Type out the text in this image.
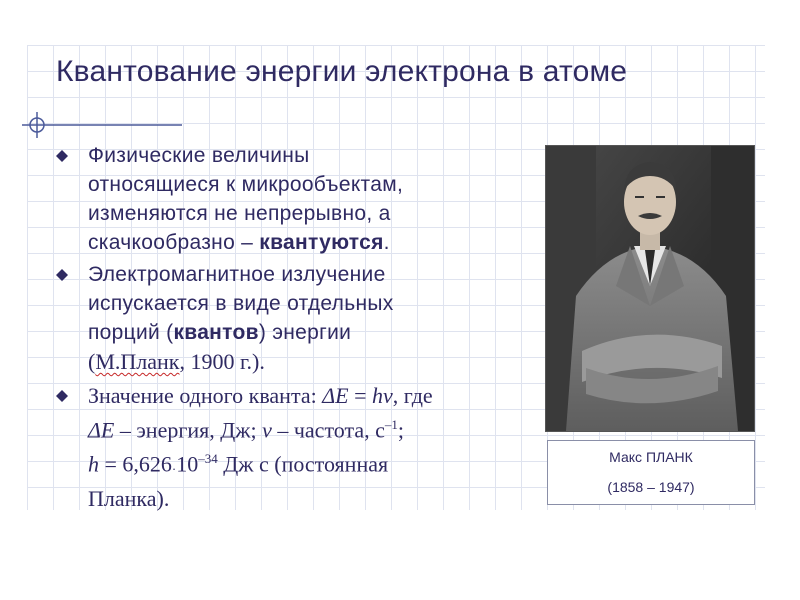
Квантование энергии электрона в атоме
Физические величины
относящиеся к микрообъектам,
изменяются не непрерывно, а
скачкообразно – квантуются.
Электромагнитное излучение
испускается в виде отдельных
порций (квантов) энергии
(М.Планк, 1900 г.).
Значение одного кванта: ΔE = hν, где
ΔE – энергия, Дж; ν – частота, $с^{-1}$;
$h = 6,626\cdot 10^{-34}$ Дж с (постоянная
Планка).
Макс ПЛАНК
(1858 – 1947)
